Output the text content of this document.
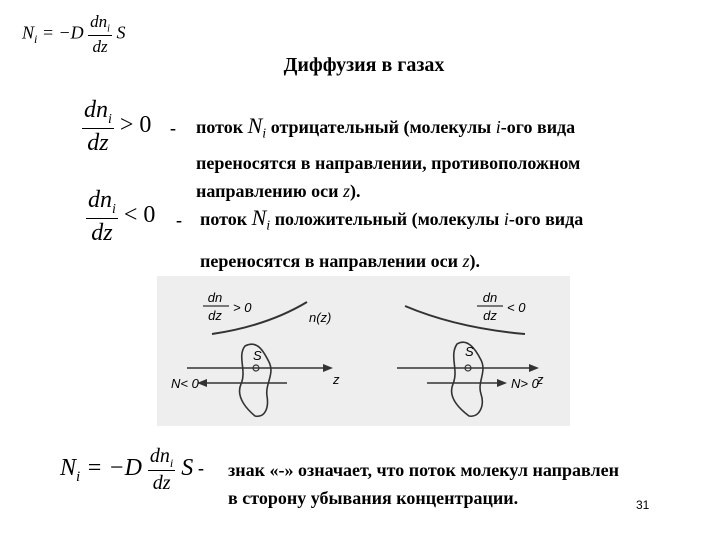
$N_i = -D \frac{dn_i}{dz}$ S
Диффузия в газах
$\frac{dn_i}{dz} > 0$ - поток $N_i$ отрицательный (молекулы i-ого вида
переносятся в направлении, противоположном
направлению оси z).
$\frac{dn_i}{dz} < 0$ - поток $N_i$ положительный (молекулы i-ого вида
переносятся в направлении оси z).
dn
dz
> 0
n(z)
S
z
N< 0
dn
dz
< 0
S
z
N> 0
$N_i = -D \frac{dn_i}{dz}$ S - знак «-» означает, что поток молекул направлен
в сторону убывания концентрации.	31
